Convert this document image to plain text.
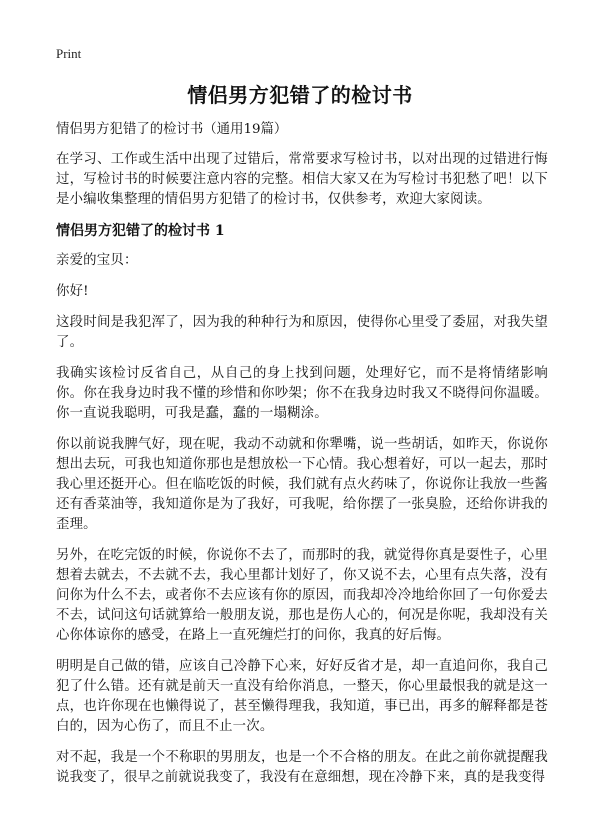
Print
情侣男方犯错了的检讨书

情侣男方犯错了的检讨书（通用19篇）

在学习、工作或生活中出现了过错后，常常要求写检讨书，以对出现的过错进行悔过，写检讨书的时候要注意内容的完整。相信大家又在为写检讨书犯愁了吧！以下是小编收集整理的情侣男方犯错了的检讨书，仅供参考，欢迎大家阅读。

情侣男方犯错了的检讨书 1

亲爱的宝贝：

你好!

这段时间是我犯浑了，因为我的种种行为和原因，使得你心里受了委屈，对我失望了。

我确实该检讨反省自己，从自己的身上找到问题，处理好它，而不是将情绪影响你。你在我身边时我不懂的珍惜和你吵架；你不在我身边时我又不晓得问你温暖。你一直说我聪明，可我是蠢，蠢的一塌糊涂。

你以前说我脾气好，现在呢，我动不动就和你犟嘴，说一些胡话，如昨天，你说你想出去玩，可我也知道你那也是想放松一下心情。我心想着好，可以一起去，那时我心里还挺开心。但在临吃饭的时候，我们就有点火药味了，你说你让我放一些酱还有香菜油等，我知道你是为了我好，可我呢，给你摆了一张臭脸，还给你讲我的歪理。

另外，在吃完饭的时候，你说你不去了，而那时的我，就觉得你真是耍性子，心里想着去就去，不去就不去，我心里都计划好了，你又说不去，心里有点失落，没有问你为什么不去，或者你不去应该有你的原因，而我却冷冷地给你回了一句你爱去不去，试问这句话就算给一般朋友说，那也是伤人心的，何况是你呢，我却没有关心你体谅你的感受，在路上一直死缠烂打的问你，我真的好后悔。

明明是自己做的错，应该自己冷静下心来，好好反省才是，却一直追问你，我自己犯了什么错。还有就是前天一直没有给你消息，一整天，你心里最恨我的就是这一点，也许你现在也懒得说了，甚至懒得理我，我知道，事已出，再多的解释都是苍白的，因为心伤了，而且不止一次。

对不起，我是一个不称职的男朋友，也是一个不合格的朋友。在此之前你就提醒我说我变了，很早之前就说我变了，我没有在意细想，现在冷静下来，真的是我变得
